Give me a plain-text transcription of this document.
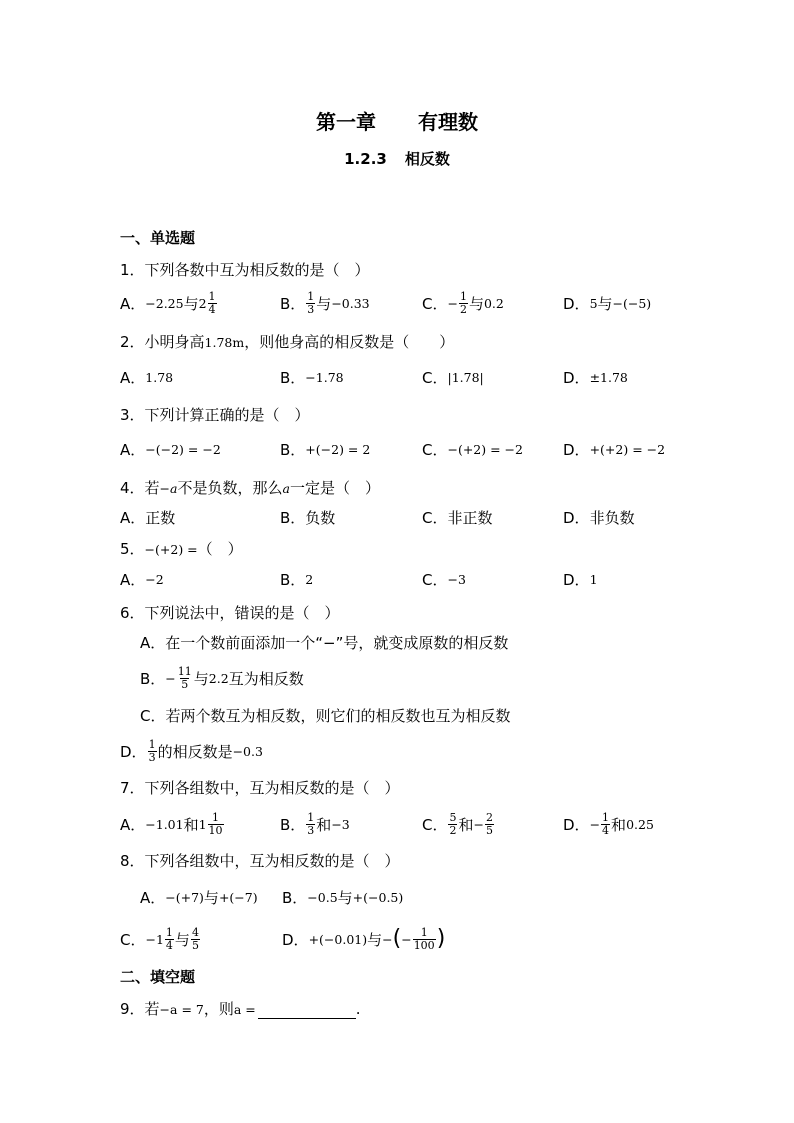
第一章 有理数
1.2.3 相反数
一、单选题
1．下列各数中互为相反数的是（　）
A． −2.25 与 $2 \frac{1}{4}$	B． $\frac{1}{3}$ 与 −0.33	C． − $\frac{1}{2}$ 与 0.2	D． 5 与 −(−5)
2．小明身高1.78m，则他身高的相反数是（　　）
A． 1.78	B． −1.78	C． |1.78|	D． ±1.78
3．下列计算正确的是（　）
A． −(−2) = −2	B． +(−2) = 2	C． −(+2) = −2	D． +(+2) = −2
4．若−a不是负数，那么a一定是（　）
A． 正数	B． 负数	C． 非正数	D． 非负数
5．−(+2) =（　）
A． −2	B． 2	C． −3	D． 1
6．下列说法中，错误的是（　）
A． 在一个数前面添加一个“−”号，就变成原数的相反数
B． − $\frac{11}{5}$ 与 2.2 互为相反数
C． 若两个数互为相反数，则它们的相反数也互为相反数
D． $\frac{1}{3}$ 的相反数是 −0.3
7．下列各组数中，互为相反数的是（　）
A． −1.01 和 $1 \frac{1}{10}$	B． $\frac{1}{3}$ 和 −3	C． $\frac{5}{2}$ 和 − $\frac{2}{5}$	D． − $\frac{1}{4}$ 和 0.25
8．下列各组数中，互为相反数的是（　）
A． −(+7) 与 +(−7) B． −0.5 与 +(−0.5)
C． $-1 \frac{1}{4}$ 与 $\frac{4}{5}$	D． +(−0.01) 与 − ( − $\frac{1}{100}$ )
二、填空题
9．若−a = 7，则a =	.
